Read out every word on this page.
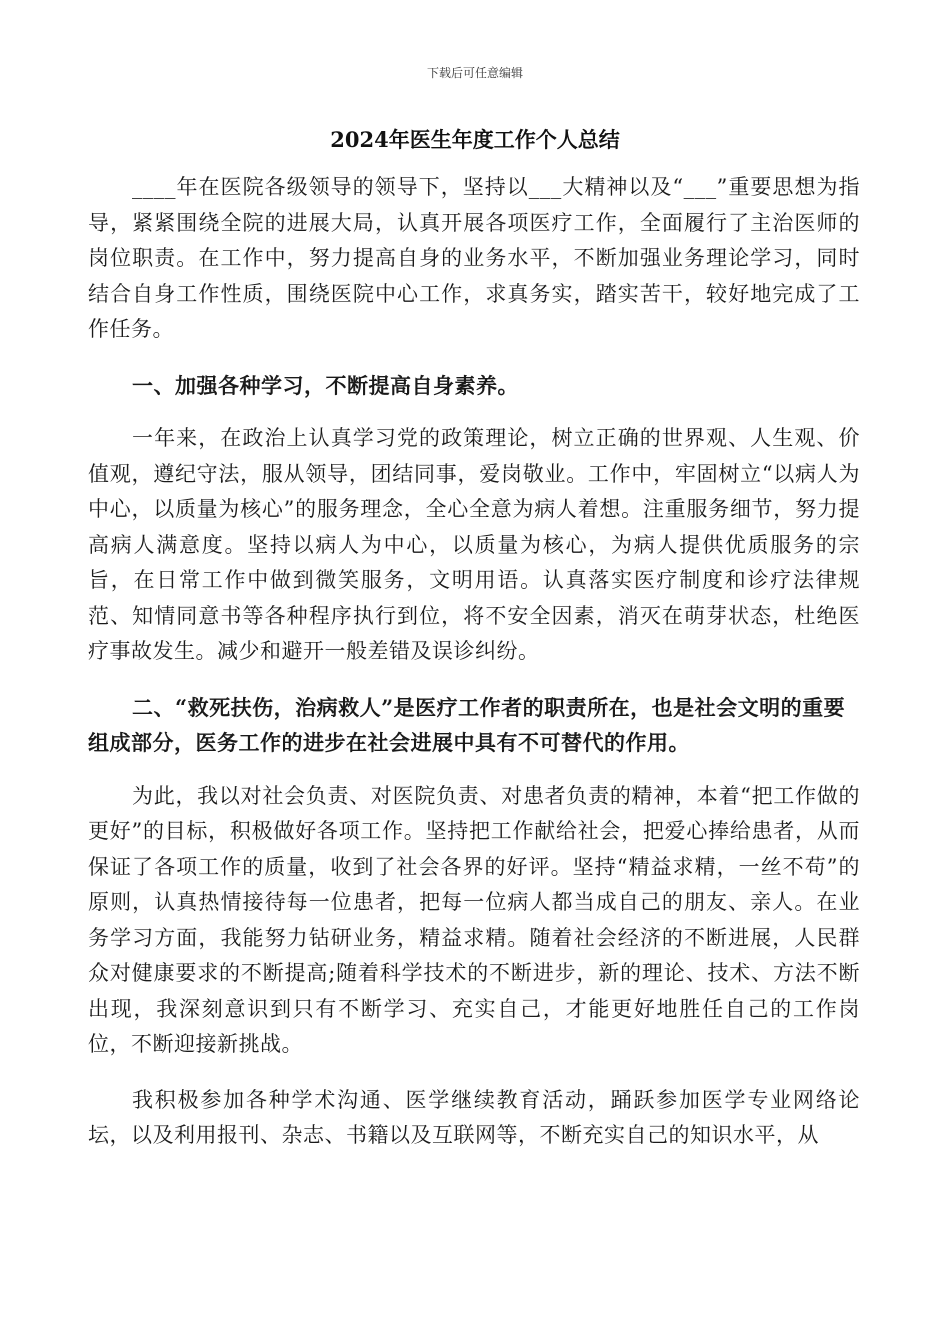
下载后可任意编辑
2024年医生年度工作个人总结

____年在医院各级领导的领导下，坚持以___大精神以及“___”重要思想为指导，紧紧围绕全院的进展大局，认真开展各项医疗工作，全面履行了主治医师的岗位职责。在工作中，努力提高自身的业务水平，不断加强业务理论学习，同时结合自身工作性质，围绕医院中心工作，求真务实，踏实苦干，较好地完成了工作任务。

一、加强各种学习，不断提高自身素养。

一年来，在政治上认真学习党的政策理论，树立正确的世界观、人生观、价值观，遵纪守法，服从领导，团结同事，爱岗敬业。工作中，牢固树立“以病人为中心，以质量为核心”的服务理念，全心全意为病人着想。注重服务细节，努力提高病人满意度。坚持以病人为中心，以质量为核心，为病人提供优质服务的宗旨，在日常工作中做到微笑服务，文明用语。认真落实医疗制度和诊疗法律规范、知情同意书等各种程序执行到位，将不安全因素，消灭在萌芽状态，杜绝医疗事故发生。减少和避开一般差错及误诊纠纷。

二、“救死扶伤，治病救人”是医疗工作者的职责所在，也是社会文明的重要组成部分，医务工作的进步在社会进展中具有不可替代的作用。

为此，我以对社会负责、对医院负责、对患者负责的精神，本着“把工作做的更好”的目标，积极做好各项工作。坚持把工作献给社会，把爱心捧给患者，从而保证了各项工作的质量，收到了社会各界的好评。坚持“精益求精，一丝不苟”的原则，认真热情接待每一位患者，把每一位病人都当成自己的朋友、亲人。在业务学习方面，我能努力钻研业务，精益求精。随着社会经济的不断进展，人民群众对健康要求的不断提高;随着科学技术的不断进步，新的理论、技术、方法不断出现，我深刻意识到只有不断学习、充实自己，才能更好地胜任自己的工作岗位，不断迎接新挑战。

我积极参加各种学术沟通、医学继续教育活动，踊跃参加医学专业网络论坛，以及利用报刊、杂志、书籍以及互联网等，不断充实自己的知识水平，从
